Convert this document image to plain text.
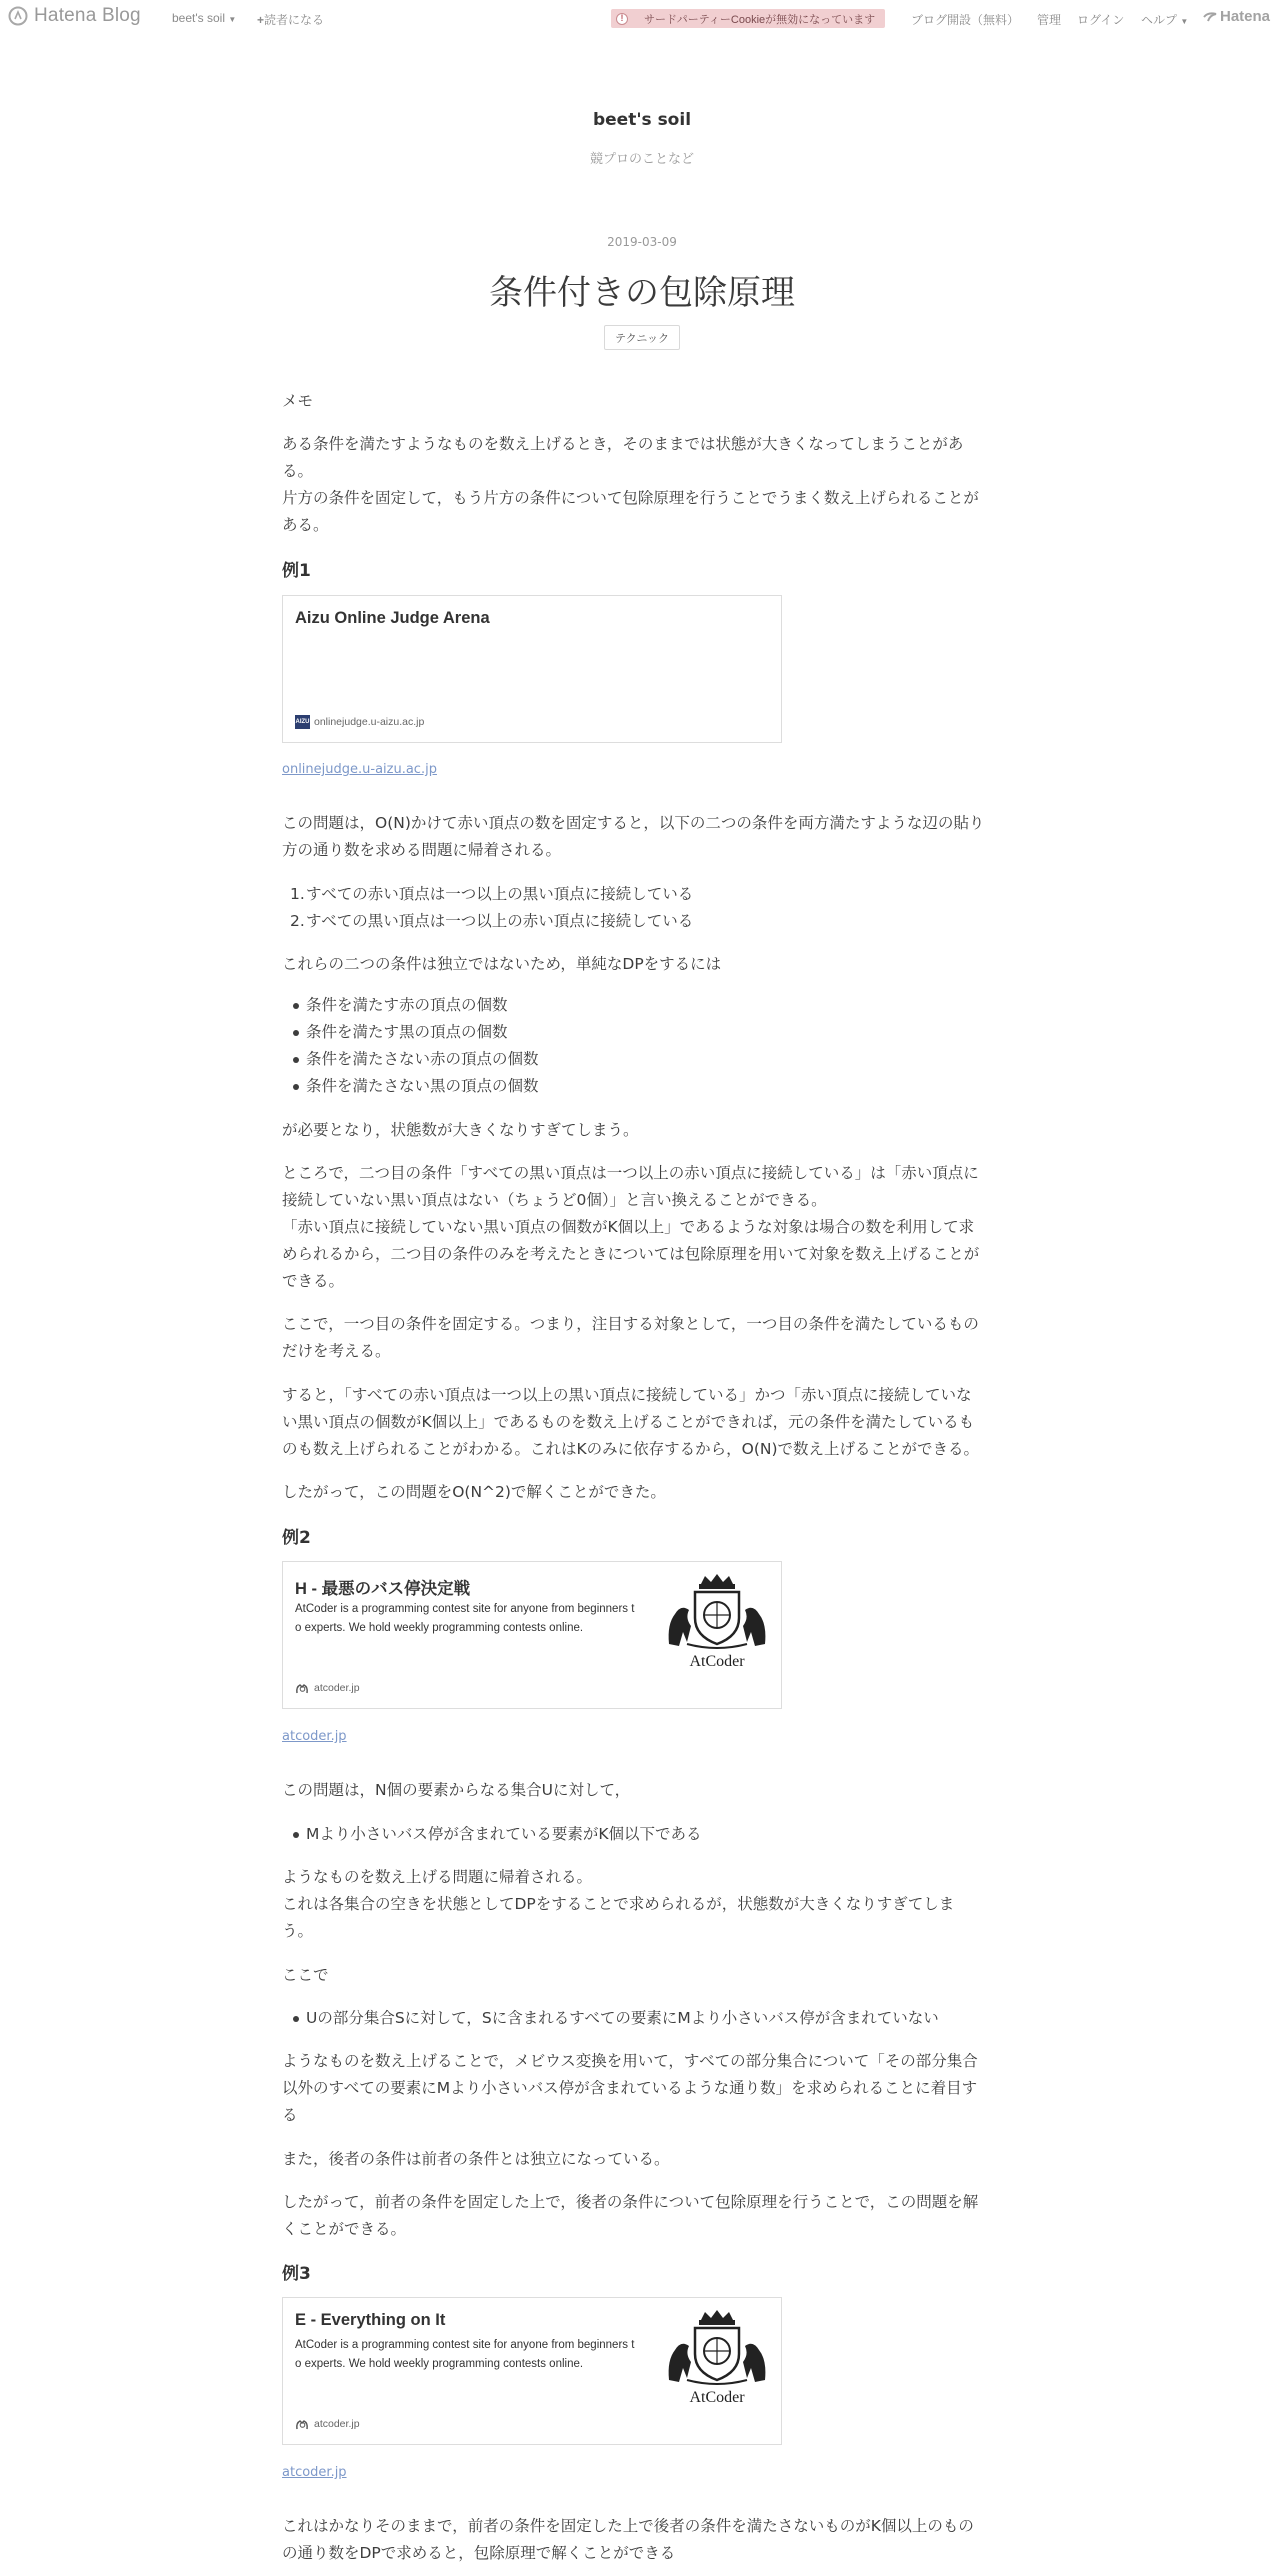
Hatena Blog	beet's soil ▼ +読者になる	!	サードパーティーCookieが無効になっています	ブログ開設（無料） 管理 ログイン ヘルプ ▼ Hatena
beet's soil
競プロのことなど
2019-03-09
条件付きの包除原理
テクニック
メモ
ある条件を満たすようなものを数え上げるとき，そのままでは状態が大きくなってしまうことがあ
る。
片方の条件を固定して，もう片方の条件について包除原理を行うことでうまく数え上げられることが
ある。
例1
Aizu Online Judge Arena
AIZU onlinejudge.u-aizu.ac.jp
onlinejudge.u-aizu.ac.jp
この問題は，O(N)かけて赤い頂点の数を固定すると，以下の二つの条件を両方満たすような辺の貼り
方の通り数を求める問題に帰着される。
1. すべての赤い頂点は一つ以上の黒い頂点に接続している
2. すべての黒い頂点は一つ以上の赤い頂点に接続している
これらの二つの条件は独立ではないため，単純なDPをするには
条件を満たす赤の頂点の個数
条件を満たす黒の頂点の個数
条件を満たさない赤の頂点の個数
条件を満たさない黒の頂点の個数
が必要となり，状態数が大きくなりすぎてしまう。
ところで，二つ目の条件「すべての黒い頂点は一つ以上の赤い頂点に接続している」は「赤い頂点に
接続していない黒い頂点はない（ちょうど0個）」と言い換えることができる。
「赤い頂点に接続していない黒い頂点の個数がK個以上」であるような対象は場合の数を利用して求
められるから，二つ目の条件のみを考えたときについては包除原理を用いて対象を数え上げることが
できる。
ここで，一つ目の条件を固定する。つまり，注目する対象として，一つ目の条件を満たしているもの
だけを考える。
すると，「すべての赤い頂点は一つ以上の黒い頂点に接続している」かつ「赤い頂点に接続していな
い黒い頂点の個数がK個以上」であるものを数え上げることができれば，元の条件を満たしているも
のも数え上げられることがわかる。これはKのみに依存するから，O(N)で数え上げることができる。
したがって，この問題をO(N^2)で解くことができた。
例2
H - 最悪のバス停決定戦
AtCoder is a programming contest site for anyone from beginners t
o experts. We hold weekly programming contests online.
AtCoder
atcoder.jp
atcoder.jp
この問題は，N個の要素からなる集合Uに対して，
Mより小さいバス停が含まれている要素がK個以下である
ようなものを数え上げる問題に帰着される。
これは各集合の空きを状態としてDPをすることで求められるが，状態数が大きくなりすぎてしま
う。
ここで
Uの部分集合Sに対して，Sに含まれるすべての要素にMより小さいバス停が含まれていない
ようなものを数え上げることで，メビウス変換を用いて，すべての部分集合について「その部分集合
以外のすべての要素にMより小さいバス停が含まれているような通り数」を求められることに着目す
る
また，後者の条件は前者の条件とは独立になっている。
したがって，前者の条件を固定した上で，後者の条件について包除原理を行うことで，この問題を解
くことができる。
例3
E - Everything on It
AtCoder is a programming contest site for anyone from beginners t
o experts. We hold weekly programming contests online.
AtCoder
atcoder.jp
atcoder.jp
これはかなりそのままで，前者の条件を固定した上で後者の条件を満たさないものがK個以上のもの
の通り数をDPで求めると，包除原理で解くことができる
